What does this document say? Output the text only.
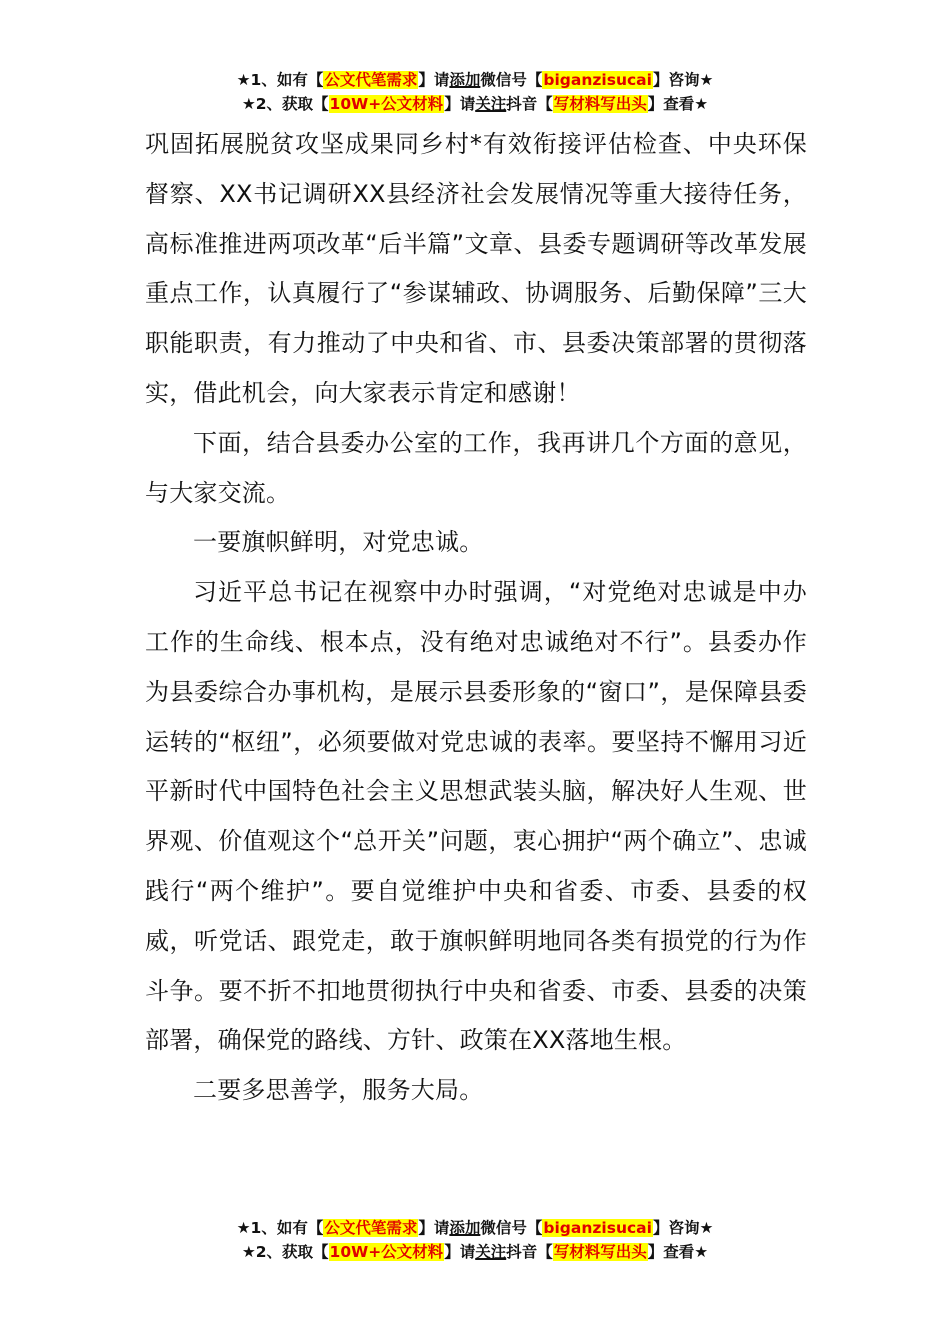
★1、如有【公文代笔需求】请添加微信号【biganzisucai】咨询★
★2、获取【10W+公文材料】请关注抖音【写材料写出头】查看★

巩固拓展脱贫攻坚成果同乡村*有效衔接评估检查、中央环保督察、XX书记调研XX县经济社会发展情况等重大接待任务，高标准推进两项改革“后半篇”文章、县委专题调研等改革发展重点工作，认真履行了“参谋辅政、协调服务、后勤保障”三大职能职责，有力推动了中央和省、市、县委决策部署的贯彻落实，借此机会，向大家表示肯定和感谢！

下面，结合县委办公室的工作，我再讲几个方面的意见，与大家交流。

一要旗帜鲜明，对党忠诚。

习近平总书记在视察中办时强调，“对党绝对忠诚是中办工作的生命线、根本点，没有绝对忠诚绝对不行”。县委办作为县委综合办事机构，是展示县委形象的“窗口”，是保障县委运转的“枢纽”，必须要做对党忠诚的表率。要坚持不懈用习近平新时代中国特色社会主义思想武装头脑，解决好人生观、世界观、价值观这个“总开关”问题，衷心拥护“两个确立”、忠诚践行“两个维护”。要自觉维护中央和省委、市委、县委的权威，听党话、跟党走，敢于旗帜鲜明地同各类有损党的行为作斗争。要不折不扣地贯彻执行中央和省委、市委、县委的决策部署，确保党的路线、方针、政策在XX落地生根。

二要多思善学，服务大局。

★1、如有【公文代笔需求】请添加微信号【biganzisucai】咨询★
★2、获取【10W+公文材料】请关注抖音【写材料写出头】查看★
